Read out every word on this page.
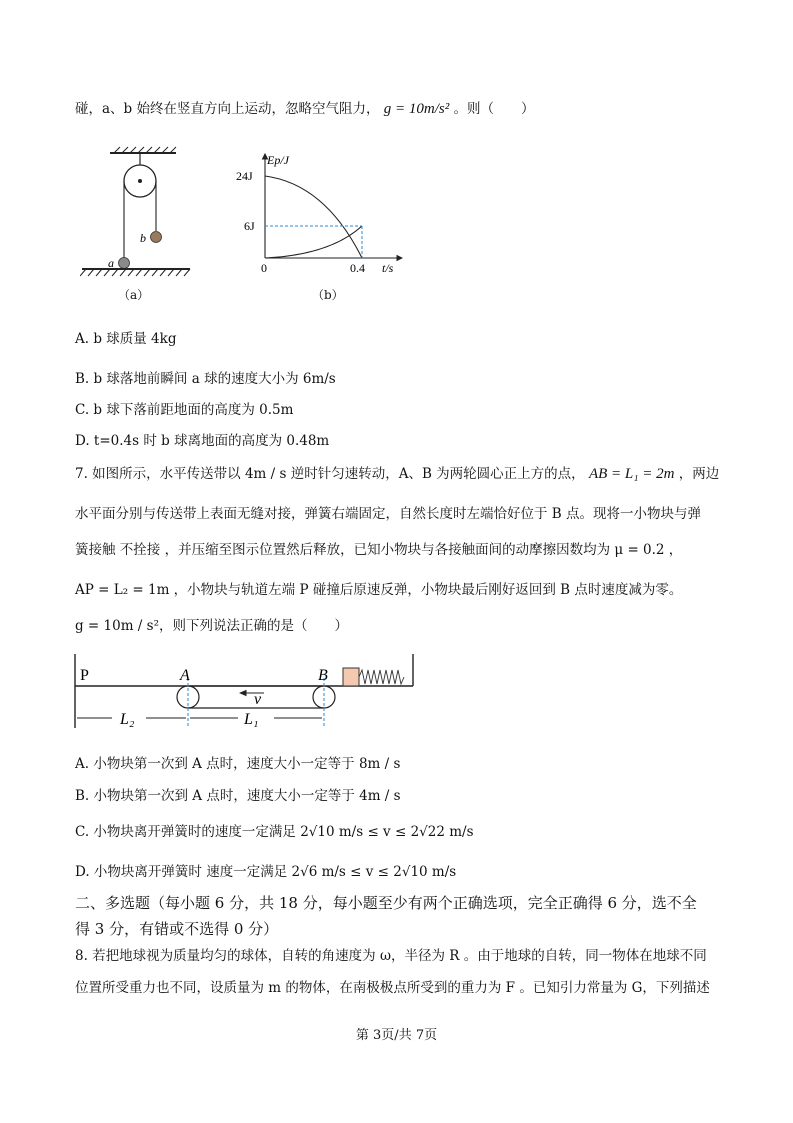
碰，a、b 始终在竖直方向上运动，忽略空气阻力， g = 10m/s² 。则（　　）
b
a
（a）
Ep/J
24J
6J
0	0.4 t/s
（b）
A. b 球质量 4kg
B. b 球落地前瞬间 a 球的速度大小为 6m/s
C. b 球下落前距地面的高度为 0.5m
D. t=0.4s 时 b 球离地面的高度为 0.48m
7. 如图所示，水平传送带以 4m / s 逆时针匀速转动，A、B 为两轮圆心正上方的点， AB = L₁ = 2m ，两边
水平面分别与传送带上表面无缝对接，弹簧右端固定，自然长度时左端恰好位于 B 点。现将一小物块与弹
簧接触 不拴接 ，并压缩至图示位置然后释放，已知小物块与各接触面间的动摩擦因数均为 μ = 0.2 ，
AP = L₂ = 1m ，小物块与轨道左端 P 碰撞后原速反弹，小物块最后刚好返回到 B 点时速度减为零。
g = 10m / s²，则下列说法正确的是（　　）
P	A	B
v
L₂	L₁
A. 小物块第一次到 A 点时，速度大小一定等于 8m / s
B. 小物块第一次到 A 点时，速度大小一定等于 4m / s
C. 小物块离开弹簧时的速度一定满足 2√10 m/s ≤ v ≤ 2√22 m/s
D. 小物块离开弹簧时 速度一定满足 2√6 m/s ≤ v ≤ 2√10 m/s
二、多选题（每小题 6 分，共 18 分，每小题至少有两个正确选项，完全正确得 6 分，选不全
得 3 分，有错或不选得 0 分）
8. 若把地球视为质量均匀的球体，自转的角速度为 ω，半径为 R 。由于地球的自转，同一物体在地球不同
位置所受重力也不同，设质量为 m 的物体，在南极极点所受到的重力为 F 。已知引力常量为 G，下列描述
第 3页/共 7页
